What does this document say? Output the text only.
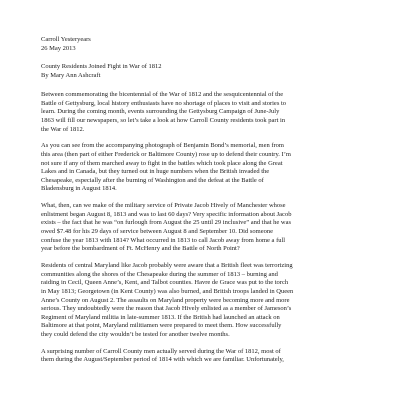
Carroll Yesteryears
26 May 2013
County Residents Joined Fight in War of 1812
By Mary Ann Ashcraft
Between commemorating the bicentennial of the War of 1812 and the sesquicentennial of the
Battle of Gettysburg, local history enthusiasts have no shortage of places to visit and stories to
learn. During the coming month, events surrounding the Gettysburg Campaign of June-July
1863 will fill our newspapers, so let’s take a look at how Carroll County residents took part in
the War of 1812.
As you can see from the accompanying photograph of Benjamin Bond’s memorial, men from
this area (then part of either Frederick or Baltimore County) rose up to defend their country. I’m
not sure if any of them marched away to fight in the battles which took place along the Great
Lakes and in Canada, but they turned out in huge numbers when the British invaded the
Chesapeake, especially after the burning of Washington and the defeat at the Battle of
Bladensburg in August 1814.
What, then, can we make of the military service of Private Jacob Hively of Manchester whose
enlistment began August 8, 1813 and was to last 60 days? Very specific information about Jacob
exists – the fact that he was “on furlough from August the 25 until 29 inclusive” and that he was
owed $7.48 for his 29 days of service between August 8 and September 10. Did someone
confuse the year 1813 with 1814? What occurred in 1813 to call Jacob away from home a full
year before the bombardment of Ft. McHenry and the Battle of North Point?
Residents of central Maryland like Jacob probably were aware that a British fleet was terrorizing
communities along the shores of the Chesapeake during the summer of 1813 – burning and
raiding in Cecil, Queen Anne’s, Kent, and Talbot counties. Havre de Grace was put to the torch
in May 1813; Georgetown (in Kent County) was also burned, and British troops landed in Queen
Anne’s County on August 2. The assaults on Maryland property were becoming more and more
serious. They undoubtedly were the reason that Jacob Hively enlisted as a member of Jameson’s
Regiment of Maryland militia in late-summer 1813. If the British had launched an attack on
Baltimore at that point, Maryland militiamen were prepared to meet them. How successfully
they could defend the city wouldn’t be tested for another twelve months.
A surprising number of Carroll County men actually served during the War of 1812, most of
them during the August/September period of 1814 with which we are familiar. Unfortunately,
